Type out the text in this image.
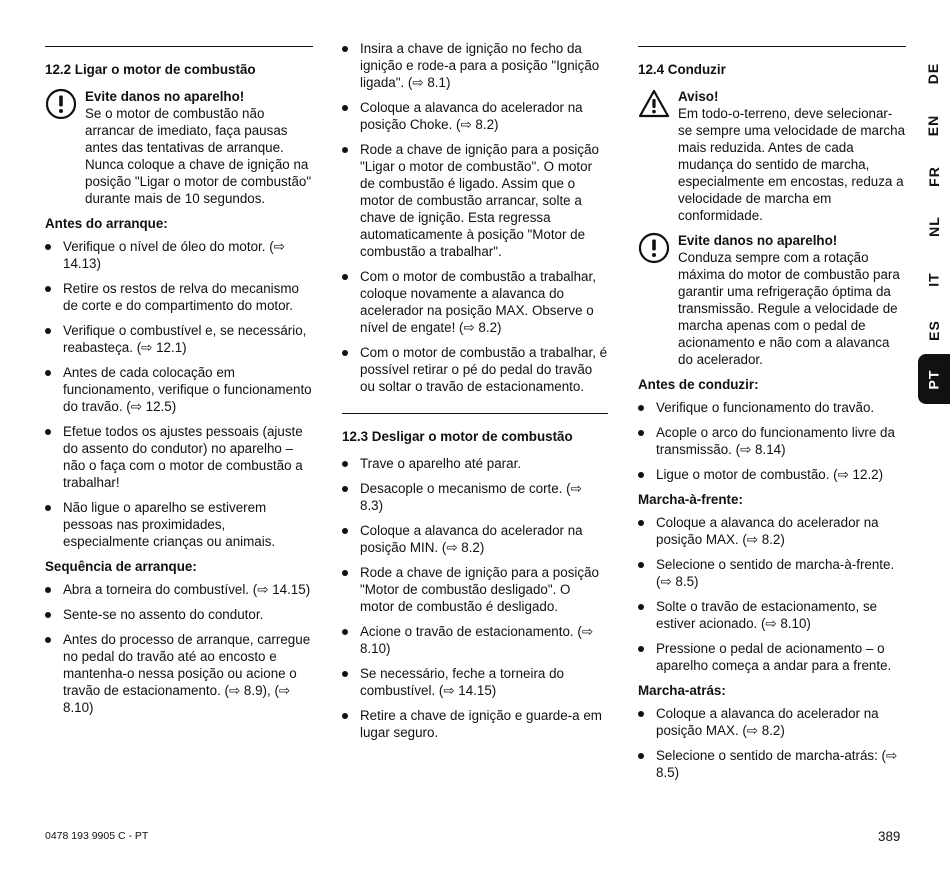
12.2 Ligar o motor de combustão
Evite danos no aparelho!
Se o motor de combustão não arrancar de imediato, faça pausas antes das tentativas de arranque. Nunca coloque a chave de ignição na posição "Ligar o motor de combustão" durante mais de 10 segundos.
Antes do arranque:
Verifique o nível de óleo do motor. (⇨ 14.13)
Retire os restos de relva do mecanismo de corte e do compartimento do motor.
Verifique o combustível e, se necessário, reabasteça. (⇨ 12.1)
Antes de cada colocação em funcionamento, verifique o funcionamento do travão. (⇨ 12.5)
Efetue todos os ajustes pessoais (ajuste do assento do condutor) no aparelho – não o faça com o motor de combustão a trabalhar!
Não ligue o aparelho se estiverem pessoas nas proximidades, especialmente crianças ou animais.
Sequência de arranque:
Abra a torneira do combustível. (⇨ 14.15)
Sente-se no assento do condutor.
Antes do processo de arranque, carregue no pedal do travão até ao encosto e mantenha-o nessa posição ou acione o travão de estacionamento. (⇨ 8.9), (⇨ 8.10)
Insira a chave de ignição no fecho da ignição e rode-a para a posição "Ignição ligada". (⇨ 8.1)
Coloque a alavanca do acelerador na posição Choke. (⇨ 8.2)
Rode a chave de ignição para a posição "Ligar o motor de combustão". O motor de combustão é ligado. Assim que o motor de combustão arrancar, solte a chave de ignição. Esta regressa automaticamente à posição "Motor de combustão a trabalhar".
Com o motor de combustão a trabalhar, coloque novamente a alavanca do acelerador na posição MAX. Observe o nível de engate! (⇨ 8.2)
Com o motor de combustão a trabalhar, é possível retirar o pé do pedal do travão ou soltar o travão de estacionamento.
12.3 Desligar o motor de combustão
Trave o aparelho até parar.
Desacople o mecanismo de corte. (⇨ 8.3)
Coloque a alavanca do acelerador na posição MIN. (⇨ 8.2)
Rode a chave de ignição para a posição "Motor de combustão desligado". O motor de combustão é desligado.
Acione o travão de estacionamento. (⇨ 8.10)
Se necessário, feche a torneira do combustível. (⇨ 14.15)
Retire a chave de ignição e guarde-a em lugar seguro.
12.4 Conduzir
Aviso!
Em todo-o-terreno, deve selecionar-se sempre uma velocidade de marcha mais reduzida. Antes de cada mudança do sentido de marcha, especialmente em encostas, reduza a velocidade de marcha em conformidade.
Evite danos no aparelho!
Conduza sempre com a rotação máxima do motor de combustão para garantir uma refrigeração óptima da transmissão. Regule a velocidade de marcha apenas com o pedal de acionamento e não com a alavanca do acelerador.
Antes de conduzir:
Verifique o funcionamento do travão.
Acople o arco do funcionamento livre da transmissão. (⇨ 8.14)
Ligue o motor de combustão. (⇨ 12.2)
Marcha-à-frente:
Coloque a alavanca do acelerador na posição MAX. (⇨ 8.2)
Selecione o sentido de marcha-à-frente. (⇨ 8.5)
Solte o travão de estacionamento, se estiver acionado. (⇨ 8.10)
Pressione o pedal de acionamento – o aparelho começa a andar para a frente.
Marcha-atrás:
Coloque a alavanca do acelerador na posição MAX. (⇨ 8.2)
Selecione o sentido de marcha-atrás: (⇨ 8.5)
DE
EN
FR
NL
IT
ES
PT
0478 193 9905 C - PT	389
